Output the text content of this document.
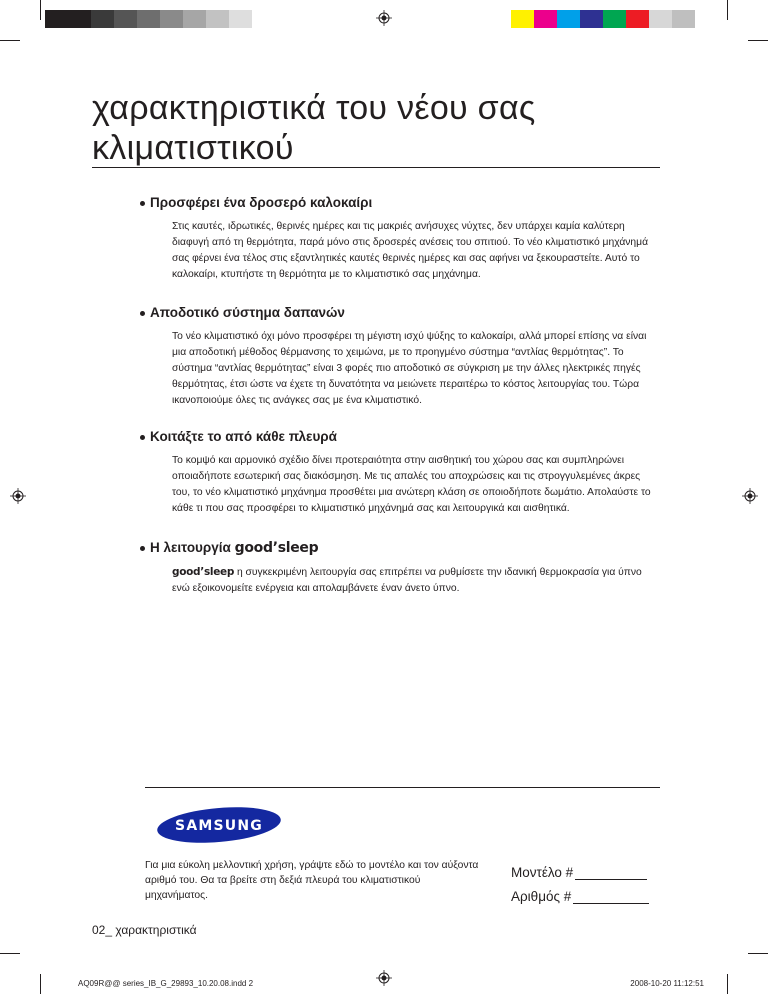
AQ09R@@ series_IB_G_29893_10.20.08.indd 2	2008-10-20 11:12:51
χαρακτηριστικά του νέου σας κλιματιστικού
Προσφέρει ένα δροσερό καλοκαίρι

Στις καυτές, ιδρωτικές, θερινές ημέρες και τις μακριές ανήσυχες νύχτες, δεν υπάρχει καμία καλύτερη διαφυγή από τη θερμότητα, παρά μόνο στις δροσερές ανέσεις του σπιτιού. Το νέο κλιματιστικό μηχάνημά σας φέρνει ένα τέλος στις εξαντλητικές καυτές θερινές ημέρες και σας αφήνει να ξεκουραστείτε. Αυτό το καλοκαίρι, κτυπήστε τη θερμότητα με το κλιματιστικό σας μηχάνημα.

Αποδοτικό σύστημα δαπανών

Το νέο κλιματιστικό όχι μόνο προσφέρει τη μέγιστη ισχύ ψύξης το καλοκαίρι, αλλά μπορεί επίσης να είναι μια αποδοτική μέθοδος θέρμανσης το χειμώνα, με το προηγμένο σύστημα “αντλίας θερμότητας”. Το σύστημα “αντλίας θερμότητας” είναι 3 φορές πιο αποδοτικό σε σύγκριση με την άλλες ηλεκτρικές πηγές θερμότητας, έτσι ώστε να έχετε τη δυνατότητα να μειώνετε περαιτέρω το κόστος λειτουργίας του. Τώρα ικανοποιούμε όλες τις ανάγκες σας με ένα κλιματιστικό.

Κοιτάξτε το από κάθε πλευρά

Το κομψό και αρμονικό σχέδιο δίνει προτεραιότητα στην αισθητική του χώρου σας και συμπληρώνει οποιαδήποτε εσωτερική σας διακόσμηση. Με τις απαλές του αποχρώσεις και τις στρογγυλεμένες άκρες του, το νέο κλιματιστικό μηχάνημα προσθέτει μια ανώτερη κλάση σε οποιοδήποτε δωμάτιο. Απολαύστε το κάθε τι που σας προσφέρει το κλιματιστικό μηχάνημά σας και λειτουργικά και αισθητικά.

Η λειτουργία good’sleep

good’sleep η συγκεκριμένη λειτουργία σας επιτρέπει να ρυθμίσετε την ιδανική θερμοκρασία για ύπνο ενώ εξοικονομείτε ενέργεια και απολαμβάνετε έναν άνετο ύπνο.

SAMSUNG
Για μια εύκολη μελλοντική χρήση, γράψτε εδώ το μοντέλο και τον αύξοντα αριθμό του. Θα τα βρείτε στη δεξιά πλευρά του κλιματιστικού μηχανήματος.
Μοντέλο #
Αριθμός #
02_ χαρακτηριστικά
